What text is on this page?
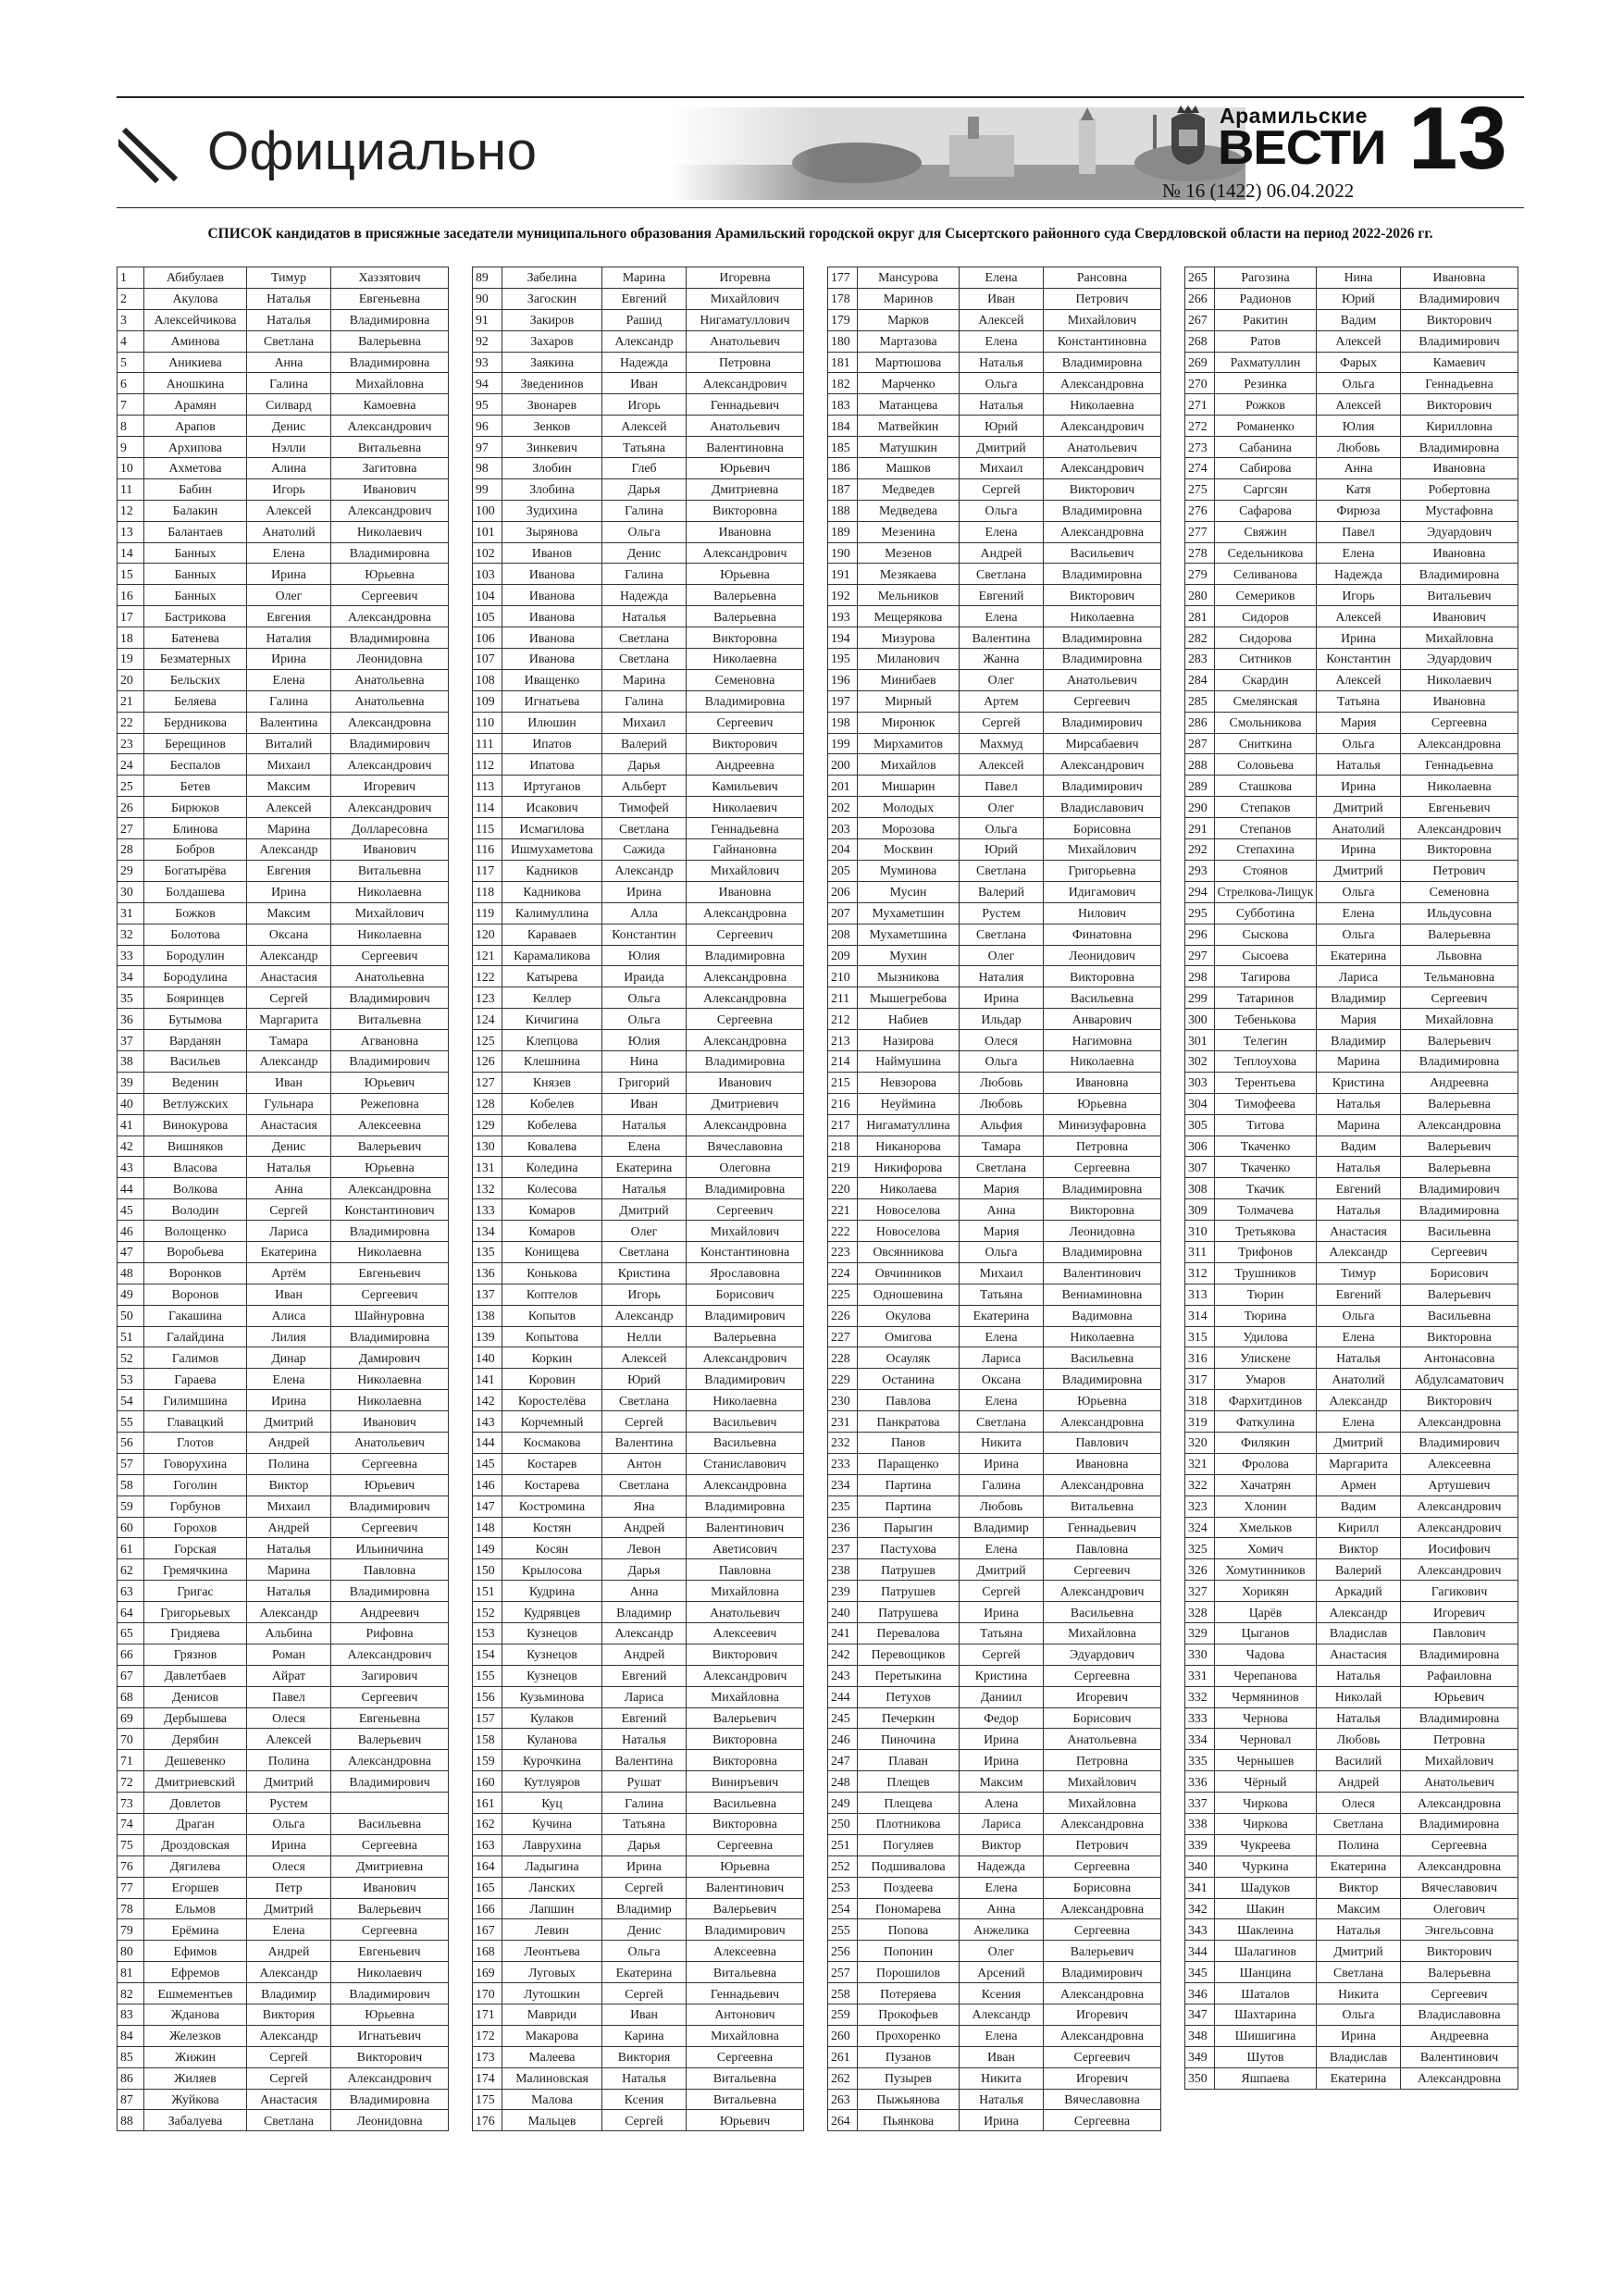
Официально
Арамильские
ВЕСТИ 13
№ 16 (1422) 06.04.2022
СПИСОК кандидатов в присяжные заседатели муниципального образования Арамильский городской округ для Сысертского районного суда Свердловской области на период 2022-2026 гг.
1	Абибулаев	Тимур	Хаззятович
2	Акулова	Наталья	Евгеньевна
3	Алексейчикова	Наталья	Владимировна
4	Аминова	Светлана	Валерьевна
5	Аникиева	Анна	Владимировна
6	Аношкина	Галина	Михайловна
7	Арамян	Силвард	Камоевна
8	Арапов	Денис	Александрович
9	Архипова	Нэлли	Витальевна
10	Ахметова	Алина	Загитовна
11	Бабин	Игорь	Иванович
12	Балакин	Алексей	Александрович
13	Балантаев	Анатолий	Николаевич
14	Банных	Елена	Владимировна
15	Банных	Ирина	Юрьевна
16	Банных	Олег	Сергеевич
17	Бастрикова	Евгения	Александровна
18	Батенева	Наталия	Владимировна
19	Безматерных	Ирина	Леонидовна
20	Бельских	Елена	Анатольевна
21	Беляева	Галина	Анатольевна
22	Бердникова	Валентина	Александровна
23	Берещинов	Виталий	Владимирович
24	Беспалов	Михаил	Александрович
25	Бетев	Максим	Игоревич
26	Бирюков	Алексей	Александрович
27	Блинова	Марина	Долларесовна
28	Бобров	Александр	Иванович
29	Богатырёва	Евгения	Витальевна
30	Болдашева	Ирина	Николаевна
31	Божков	Максим	Михайлович
32	Болотова	Оксана	Николаевна
33	Бородулин	Александр	Сергеевич
34	Бородулина	Анастасия	Анатольевна
35	Бояринцев	Сергей	Владимирович
36	Бутымова	Маргарита	Витальевна
37	Варданян	Тамара	Агвановна
38	Васильев	Александр	Владимирович
39	Веденин	Иван	Юрьевич
40	Ветлужских	Гульнара	Режеповна
41	Винокурова	Анастасия	Алексеевна
42	Вишняков	Денис	Валерьевич
43	Власова	Наталья	Юрьевна
44	Волкова	Анна	Александровна
45	Володин	Сергей	Константинович
46	Волощенко	Лариса	Владимировна
47	Воробьева	Екатерина	Николаевна
48	Воронков	Артём	Евгеньевич
49	Воронов	Иван	Сергеевич
50	Гакашина	Алиса	Шайнуровна
51	Галайдина	Лилия	Владимировна
52	Галимов	Динар	Дамирович
53	Гараева	Елена	Николаевна
54	Гилимшина	Ирина	Николаевна
55	Главацкий	Дмитрий	Иванович
56	Глотов	Андрей	Анатольевич
57	Говорухина	Полина	Сергеевна
58	Гоголин	Виктор	Юрьевич
59	Горбунов	Михаил	Владимирович
60	Горохов	Андрей	Сергеевич
61	Горская	Наталья	Ильиничина
62	Гремячкина	Марина	Павловна
63	Григас	Наталья	Владимировна
64	Григорьевых	Александр	Андреевич
65	Гридяева	Альбина	Рифовна
66	Грязнов	Роман	Александрович
67	Давлетбаев	Айрат	Загирович
68	Денисов	Павел	Сергеевич
69	Дербышева	Олеся	Евгеньевна
70	Дерябин	Алексей	Валерьевич
71	Дешевенко	Полина	Александровна
72	Дмитриевский	Дмитрий	Владимирович
73	Довлетов	Рустем	
74	Драган	Ольга	Васильевна
75	Дроздовская	Ирина	Сергеевна
76	Дягилева	Олеся	Дмитриевна
77	Егоршев	Петр	Иванович
78	Ельмов	Дмитрий	Валерьевич
79	Ерёмина	Елена	Сергеевна
80	Ефимов	Андрей	Евгеньевич
81	Ефремов	Александр	Николаевич
82	Ешмементьев	Владимир	Владимирович
83	Жданова	Виктория	Юрьевна
84	Железков	Александр	Игнатьевич
85	Жижин	Сергей	Викторович
86	Жиляев	Сергей	Александрович
87	Жуйкова	Анастасия	Владимировна
88	Забалуева	Светлана	Леонидовна
89	Забелина	Марина	Игоревна
90	Загоскин	Евгений	Михайлович
91	Закиров	Рашид	Нигаматуллович
92	Захаров	Александр	Анатольевич
93	Заякина	Надежда	Петровна
94	Зведенинов	Иван	Александрович
95	Звонарев	Игорь	Геннадьевич
96	Зенков	Алексей	Анатольевич
97	Зинкевич	Татьяна	Валентиновна
98	Злобин	Глеб	Юрьевич
99	Злобина	Дарья	Дмитриевна
100	Зудихина	Галина	Викторовна
101	Зырянова	Ольга	Ивановна
102	Иванов	Денис	Александрович
103	Иванова	Галина	Юрьевна
104	Иванова	Надежда	Валерьевна
105	Иванова	Наталья	Валерьевна
106	Иванова	Светлана	Викторовна
107	Иванова	Светлана	Николаевна
108	Иващенко	Марина	Семеновна
109	Игнатьева	Галина	Владимировна
110	Илюшин	Михаил	Сергеевич
111	Ипатов	Валерий	Викторович
112	Ипатова	Дарья	Андреевна
113	Иртуганов	Альберт	Камильевич
114	Исакович	Тимофей	Николаевич
115	Исмагилова	Светлана	Геннадьевна
116	Ишмухаметова	Сажида	Гайнановна
117	Кадников	Александр	Михайлович
118	Кадникова	Ирина	Ивановна
119	Калимуллина	Алла	Александровна
120	Караваев	Константин	Сергеевич
121	Карамаликова	Юлия	Владимировна
122	Катырева	Ираида	Александровна
123	Келлер	Ольга	Александровна
124	Кичигина	Ольга	Сергеевна
125	Клепцова	Юлия	Александровна
126	Клешнина	Нина	Владимировна
127	Князев	Григорий	Иванович
128	Кобелев	Иван	Дмитриевич
129	Кобелева	Наталья	Александровна
130	Ковалева	Елена	Вячеславовна
131	Коледина	Екатерина	Олеговна
132	Колесова	Наталья	Владимировна
133	Комаров	Дмитрий	Сергеевич
134	Комаров	Олег	Михайлович
135	Конищева	Светлана	Константиновна
136	Конькова	Кристина	Ярославовна
137	Коптелов	Игорь	Борисович
138	Копытов	Александр	Владимирович
139	Копытова	Нелли	Валерьевна
140	Коркин	Алексей	Александрович
141	Коровин	Юрий	Владимирович
142	Коростелёва	Светлана	Николаевна
143	Корчемный	Сергей	Васильевич
144	Космакова	Валентина	Васильевна
145	Костарев	Антон	Станиславович
146	Костарева	Светлана	Александровна
147	Костромина	Яна	Владимировна
148	Костян	Андрей	Валентинович
149	Косян	Левон	Аветисович
150	Крылосова	Дарья	Павловна
151	Кудрина	Анна	Михайловна
152	Кудрявцев	Владимир	Анатольевич
153	Кузнецов	Александр	Алексеевич
154	Кузнецов	Андрей	Викторович
155	Кузнецов	Евгений	Александрович
156	Кузьминова	Лариса	Михайловна
157	Кулаков	Евгений	Валерьевич
158	Куланова	Наталья	Викторовна
159	Курочкина	Валентина	Викторовна
160	Кутлуяров	Рушат	Виниръевич
161	Куц	Галина	Васильевна
162	Кучина	Татьяна	Викторовна
163	Лаврухина	Дарья	Сергеевна
164	Ладыгина	Ирина	Юрьевна
165	Ланских	Сергей	Валентинович
166	Лапшин	Владимир	Валерьевич
167	Левин	Денис	Владимирович
168	Леонтьева	Ольга	Алексеевна
169	Луговых	Екатерина	Витальевна
170	Лутошкин	Сергей	Геннадьевич
171	Мавриди	Иван	Антонович
172	Макарова	Карина	Михайловна
173	Малеева	Виктория	Сергеевна
174	Малиновская	Наталья	Витальевна
175	Малова	Ксения	Витальевна
176	Мальцев	Сергей	Юрьевич
177	Мансурова	Елена	Рансовна
178	Маринов	Иван	Петрович
179	Марков	Алексей	Михайлович
180	Мартазова	Елена	Константиновна
181	Мартюшова	Наталья	Владимировна
182	Марченко	Ольга	Александровна
183	Матанцева	Наталья	Николаевна
184	Матвейкин	Юрий	Александрович
185	Матушкин	Дмитрий	Анатольевич
186	Машков	Михаил	Александрович
187	Медведев	Сергей	Викторович
188	Медведева	Ольга	Владимировна
189	Мезенина	Елена	Александровна
190	Мезенов	Андрей	Васильевич
191	Мезякаева	Светлана	Владимировна
192	Мельников	Евгений	Викторович
193	Мещерякова	Елена	Николаевна
194	Мизурова	Валентина	Владимировна
195	Миланович	Жанна	Владимировна
196	Минибаев	Олег	Анатольевич
197	Мирный	Артем	Сергеевич
198	Миронюк	Сергей	Владимирович
199	Мирхамитов	Махмуд	Мирсабаевич
200	Михайлов	Алексей	Александрович
201	Мишарин	Павел	Владимирович
202	Молодых	Олег	Владиславович
203	Морозова	Ольга	Борисовна
204	Москвин	Юрий	Михайлович
205	Муминова	Светлана	Григорьевна
206	Мусин	Валерий	Идигамович
207	Мухаметшин	Рустем	Нилович
208	Мухаметшина	Светлана	Финатовна
209	Мухин	Олег	Леонидович
210	Мызникова	Наталия	Викторовна
211	Мышегребова	Ирина	Васильевна
212	Набиев	Ильдар	Анварович
213	Назирова	Олеся	Нагимовна
214	Наймушина	Ольга	Николаевна
215	Невзорова	Любовь	Ивановна
216	Неуймина	Любовь	Юрьевна
217	Нигаматуллина	Альфия	Минизуфаровна
218	Никанорова	Тамара	Петровна
219	Никифорова	Светлана	Сергеевна
220	Николаева	Мария	Владимировна
221	Новоселова	Анна	Викторовна
222	Новоселова	Мария	Леонидовна
223	Овсянникова	Ольга	Владимировна
224	Овчинников	Михаил	Валентинович
225	Одношевина	Татьяна	Вениаминовна
226	Окулова	Екатерина	Вадимовна
227	Омигова	Елена	Николаевна
228	Осауляк	Лариса	Васильевна
229	Останина	Оксана	Владимировна
230	Павлова	Елена	Юрьевна
231	Панкратова	Светлана	Александровна
232	Панов	Никита	Павлович
233	Паращенко	Ирина	Ивановна
234	Партина	Галина	Александровна
235	Партина	Любовь	Витальевна
236	Парыгин	Владимир	Геннадьевич
237	Пастухова	Елена	Павловна
238	Патрушев	Дмитрий	Сергеевич
239	Патрушев	Сергей	Александрович
240	Патрушева	Ирина	Васильевна
241	Перевалова	Татьяна	Михайловна
242	Перевощиков	Сергей	Эдуардович
243	Перетыкина	Кристина	Сергеевна
244	Петухов	Даниил	Игоревич
245	Печеркин	Федор	Борисович
246	Пиночина	Ирина	Анатольевна
247	Плаван	Ирина	Петровна
248	Плещев	Максим	Михайлович
249	Плещева	Алена	Михайловна
250	Плотникова	Лариса	Александровна
251	Погуляев	Виктор	Петрович
252	Подшивалова	Надежда	Сергеевна
253	Поздеева	Елена	Борисовна
254	Пономарева	Анна	Александровна
255	Попова	Анжелика	Сергеевна
256	Попонин	Олег	Валерьевич
257	Порошилов	Арсений	Владимирович
258	Потеряева	Ксения	Александровна
259	Прокофьев	Александр	Игоревич
260	Прохоренко	Елена	Александровна
261	Пузанов	Иван	Сергеевич
262	Пузырев	Никита	Игоревич
263	Пыжьянова	Наталья	Вячеславовна
264	Пьянкова	Ирина	Сергеевна
265	Рагозина	Нина	Ивановна
266	Радионов	Юрий	Владимирович
267	Ракитин	Вадим	Викторович
268	Ратов	Алексей	Владимирович
269	Рахматуллин	Фарых	Камаевич
270	Резинка	Ольга	Геннадьевна
271	Рожков	Алексей	Викторович
272	Романенко	Юлия	Кирилловна
273	Сабанина	Любовь	Владимировна
274	Сабирова	Анна	Ивановна
275	Саргсян	Катя	Робертовна
276	Сафарова	Фирюза	Мустафовна
277	Свяжин	Павел	Эдуардович
278	Седельникова	Елена	Ивановна
279	Селиванова	Надежда	Владимировна
280	Семериков	Игорь	Витальевич
281	Сидоров	Алексей	Иванович
282	Сидорова	Ирина	Михайловна
283	Ситников	Константин	Эдуардович
284	Скардин	Алексей	Николаевич
285	Смелянская	Татьяна	Ивановна
286	Смольникова	Мария	Сергеевна
287	Сниткина	Ольга	Александровна
288	Соловьева	Наталья	Геннадьевна
289	Сташкова	Ирина	Николаевна
290	Степаков	Дмитрий	Евгеньевич
291	Степанов	Анатолий	Александрович
292	Степахина	Ирина	Викторовна
293	Стоянов	Дмитрий	Петрович
294	Стрелкова-Лищук	Ольга	Семеновна
295	Субботина	Елена	Ильдусовна
296	Сыскова	Ольга	Валерьевна
297	Сысоева	Екатерина	Львовна
298	Тагирова	Лариса	Тельмановна
299	Татаринов	Владимир	Сергеевич
300	Тебенькова	Мария	Михайловна
301	Телегин	Владимир	Валерьевич
302	Теплоухова	Марина	Владимировна
303	Терентьева	Кристина	Андреевна
304	Тимофеева	Наталья	Валерьевна
305	Титова	Марина	Александровна
306	Ткаченко	Вадим	Валерьевич
307	Ткаченко	Наталья	Валерьевна
308	Ткачик	Евгений	Владимирович
309	Толмачева	Наталья	Владимировна
310	Третьякова	Анастасия	Васильевна
311	Трифонов	Александр	Сергеевич
312	Трушников	Тимур	Борисович
313	Тюрин	Евгений	Валерьевич
314	Тюрина	Ольга	Васильевна
315	Удилова	Елена	Викторовна
316	Улискене	Наталья	Антонасовна
317	Умаров	Анатолий	Абдулсаматович
318	Фархитдинов	Александр	Викторович
319	Фаткулина	Елена	Александровна
320	Филякин	Дмитрий	Владимирович
321	Фролова	Маргарита	Алексеевна
322	Хачатрян	Армен	Артушевич
323	Хлонин	Вадим	Александрович
324	Хмельков	Кирилл	Александрович
325	Хомич	Виктор	Иосифович
326	Хомутинников	Валерий	Александрович
327	Хорикян	Аркадий	Гагикович
328	Царёв	Александр	Игоревич
329	Цыганов	Владислав	Павлович
330	Чадова	Анастасия	Владимировна
331	Черепанова	Наталья	Рафаиловна
332	Чермянинов	Николай	Юрьевич
333	Чернова	Наталья	Владимировна
334	Черновал	Любовь	Петровна
335	Чернышев	Василий	Михайлович
336	Чёрный	Андрей	Анатольевич
337	Чиркова	Олеся	Александровна
338	Чиркова	Светлана	Владимировна
339	Чукреева	Полина	Сергеевна
340	Чуркина	Екатерина	Александровна
341	Шадуков	Виктор	Вячеславович
342	Шакин	Максим	Олегович
343	Шаклеина	Наталья	Энгельсовна
344	Шалагинов	Дмитрий	Викторович
345	Шанцина	Светлана	Валерьевна
346	Шаталов	Никита	Сергеевич
347	Шахтарина	Ольга	Владиславовна
348	Шишигина	Ирина	Андреевна
349	Шутов	Владислав	Валентинович
350	Яшпаева	Екатерина	Александровна
